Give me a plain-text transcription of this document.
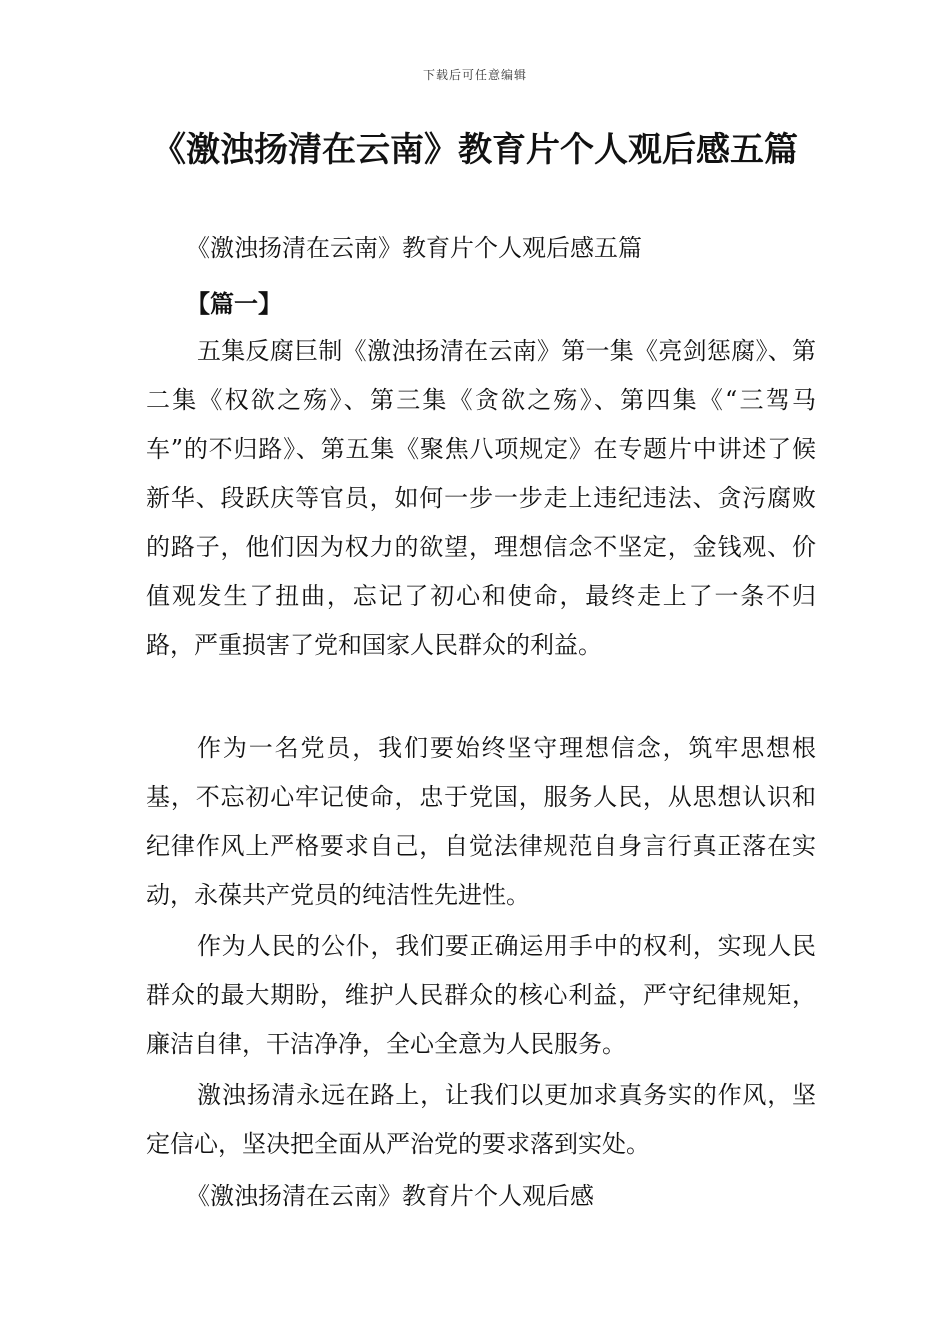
下载后可任意编辑
《激浊扬清在云南》教育片个人观后感五篇

《激浊扬清在云南》教育片个人观后感五篇

【篇一】

五集反腐巨制《激浊扬清在云南》第一集《亮剑惩腐》、第二集《权欲之殇》、第三集《贪欲之殇》、第四集《“三驾马车”的不归路》、第五集《聚焦八项规定》在专题片中讲述了候新华、段跃庆等官员，如何一步一步走上违纪违法、贪污腐败的路子，他们因为权力的欲望，理想信念不坚定，金钱观、价值观发生了扭曲，忘记了初心和使命，最终走上了一条不归路，严重损害了党和国家人民群众的利益。

作为一名党员，我们要始终坚守理想信念，筑牢思想根基，不忘初心牢记使命，忠于党国，服务人民，从思想认识和纪律作风上严格要求自己，自觉法律规范自身言行真正落在实动，永葆共产党员的纯洁性先进性。

作为人民的公仆，我们要正确运用手中的权利，实现人民群众的最大期盼，维护人民群众的核心利益，严守纪律规矩，廉洁自律，干洁净净，全心全意为人民服务。

激浊扬清永远在路上，让我们以更加求真务实的作风，坚定信心，坚决把全面从严治党的要求落到实处。

《激浊扬清在云南》教育片个人观后感
